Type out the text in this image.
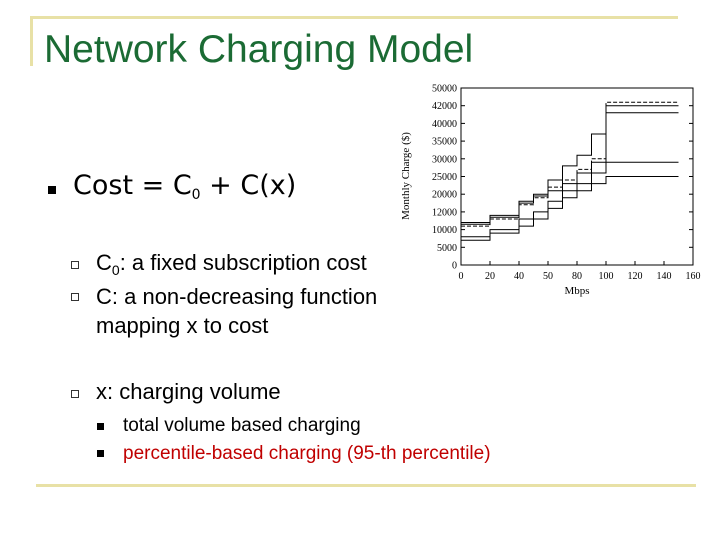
Network Charging Model
Cost = $C_0 + C(x)$
$C_0$: a fixed subscription cost
C: a non-decreasing function
mapping x to cost
x: charging volume
total volume based charging
percentile-based charging (95-th percentile)
0
5000
10000
12000
20000
25000
30000
35000
40000
42000
50000
0 20 40 50 80 100 120 140 160
Mbps
Monthly Charge ($)
